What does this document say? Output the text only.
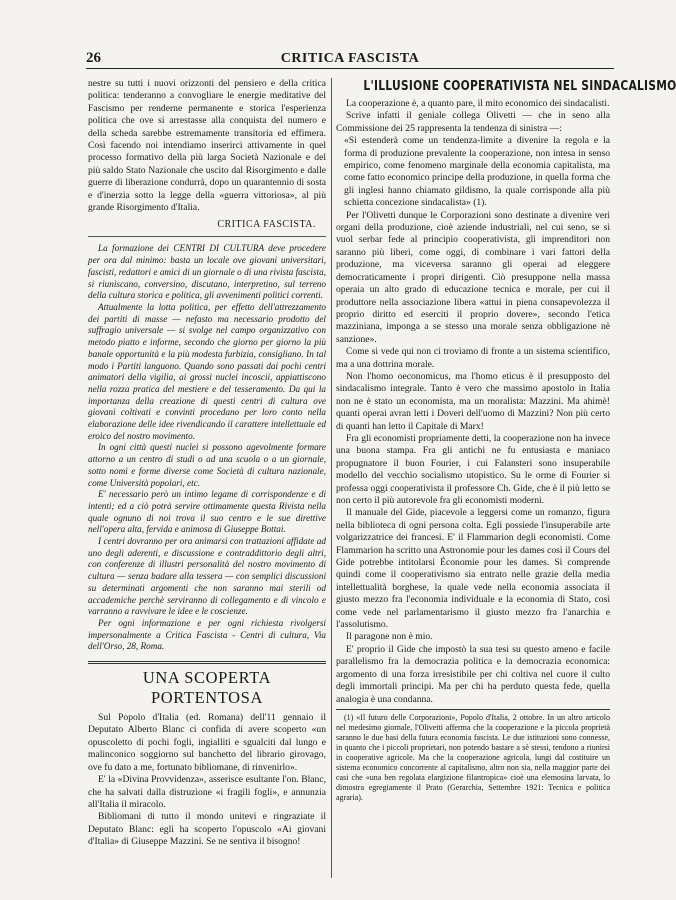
26	CRITICA FASCISTA

nestre su tutti i nuovi orizzonti del pensiero e della critica politica: tenderanno a convogliare le energie meditative del Fascismo per renderne permanente e storica l'esperienza politica che ove si arrestasse alla conquista del numero e della scheda sarebbe estremamente transitoria ed effimera. Così facendo noi intendiamo inserirci attivamente in quel processo formativo della più larga Società Nazionale e del più saldo Stato Nazionale che uscito dal Risorgimento e dalle guerre di liberazione condurrà, dopo un quarantennio di sosta e d'inerzia sotto la legge della «guerra vittoriosa», al più grande Risorgimento d'Italia.

CRITICA FASCISTA.

La formazione dei CENTRI DI CULTURA deve procedere per ora dal minimo: basta un locale ove giovani universitari, fascisti, redattori e amici di un giornale o di una rivista fascista, si riuniscano, conversino, discutano, interpretino, sul terreno della cultura storica e politica, gli avvenimenti politici correnti.

Attualmente la lotta politica, per effetto dell'attrezzamento dei partiti di masse — nefasto ma necessario prodotto del suffragio universale — si svolge nel campo organizzativo con metodo piatto e informe, secondo che giorno per giorno la più banale opportunità e la più modesta furbizia, consigliano. In tal modo i Partiti languono. Quando sono passati dai pochi centri animatori della vigilia, ai grossi nuclei incoscii, appiattiscono nella rozza pratica del mestiere e del tesseramento. Da qui la importanza della creazione di questi centri di cultura ove giovani coltivati e convinti procedano per loro conto nella elaborazione delle idee rivendicando il carattere intellettuale ed eroico del nostro movimento.

In ogni città questi nuclei si possono agevolmente formare attorno a un centro di studi o ad una scuola o a un giornale, sotto nomi e forme diverse come Società di cultura nazionale, come Università popolari, etc.

E' necessario però un intimo legame di corrispondenze e di intenti; ed a ciò potrà servire ottimamente questa Rivista nella quale ognuno di noi trova il suo centro e le sue direttive nell'opera alta, fervida e animosa di Giuseppe Bottai.

I centri dovranno per ora animarsi con trattazioni affidate ad uno degli aderenti, e discussione e contraddittorio degli altri, con conferenze di illustri personalità del nostro movimento di cultura — senza badare alla tessera — con semplici discussioni su determinati argomenti che non saranno mai sterili od accademiche perchè serviranno di collegamento e di vincolo e varranno a ravvivare le idee e le coscienze.

Per ogni informazione e per ogni richiesta rivolgersi impersonalmente a Critica Fascista - Centri di cultura, Via dell'Orso, 28, Roma.

UNA SCOPERTA PORTENTOSA

Sul Popolo d'Italia (ed. Romana) dell'11 gennaio il Deputato Alberto Blanc ci confida di avere scoperto «un opuscoletto di pochi fogli, ingialliti e sgualciti dal lungo e malinconico soggiorno sul banchetto del librario girovago, ove fu dato a me, fortunato bibliomane, di rinvenirlo».

E' la «Divina Provvidenza», asserisce esultante l'on. Blanc, che ha salvati dalla distruzione «i fragili fogli», e annunzia all'Italia il miracolo.

Bibliomani di tutto il mondo unitevi e ringraziate il Deputato Blanc: egli ha scoperto l'opuscolo «Ai giovani d'Italia» di Giuseppe Mazzini. Se ne sentiva il bisogno!

L'ILLUSIONE COOPERATIVISTA NEL SINDACALISMO

La cooperazione è, a quanto pare, il mito economico dei sindacalisti.

Scrive infatti il geniale collega Olivetti — che in seno alla Commissione dei 25 rappresenta la tendenza di sinistra —:

«Si estenderà come un tendenza-limite a divenire la regola e la forma di produzione prevalente la cooperazione, non intesa in senso empirico, come fenomeno marginale della economia capitalista, ma come fatto economico principe della produzione, in quella forma che gli inglesi hanno chiamato gildismo, la quale corrisponde alla più schietta concezione sindacalista» (1).

Per l'Olivetti dunque le Corporazioni sono destinate a divenire veri organi della produzione, cioè aziende industriali, nel cui seno, se si vuol serbar fede al principio cooperativista, gli imprenditori non saranno più liberi, come oggi, di combinare i vari fattori della produzione, ma viceversa saranno gli operai ad eleggere democraticamente i propri dirigenti. Ciò presuppone nella massa operaia un alto grado di educazione tecnica e morale, per cui il produttore nella associazione libera «attui in piena consapevolezza il proprio diritto ed eserciti il proprio dovere», secondo l'etica mazziniana, imponga a se stesso una morale senza obbligazione nè sanzione».

Come si vede qui non ci troviamo di fronte a un sistema scientifico, ma a una dottrina morale.

Non l'homo oeconomicus, ma l'homo eticus è il presupposto del sindacalismo integrale. Tanto è vero che massimo apostolo in Italia non ne è stato un economista, ma un moralista: Mazzini. Ma ahimè! quanti operai avran letti i Doveri dell'uomo di Mazzini? Non più certo di quanti han letto il Capitale di Marx!

Fra gli economisti propriamente detti, la cooperazione non ha invece una buona stampa. Fra gli antichi ne fu entusiasta e maniaco propugnatore il buon Fourier, i cui Falansteri sono insuperabile modello del vecchio socialismo utopistico. Su le orme di Fourier si professa oggi cooperativista il professore Ch. Gide, che è il più letto se non certo il più autorevole fra gli economisti moderni.

Il manuale del Gide, piacevole a leggersi come un romanzo, figura nella biblioteca di ogni persona colta. Egli possiede l'insuperabile arte volgarizzatrice dei francesi. E' il Flammarion degli economisti. Come Flammarion ha scritto una Astronomie pour les dames così il Cours del Gide potrebbe intitolarsi Économie pour les dames. Si comprende quindi come il cooperativismo sia entrato nelle grazie della media intellettualità borghese, la quale vede nella economia associata il giusto mezzo fra l'economia individuale e la economia di Stato, così come vede nel parlamentarismo il giusto mezzo fra l'anarchia e l'assolutismo.

Il paragone non è mio.

E' proprio il Gide che impostò la sua tesi su questo ameno e facile parallelismo fra la democrazia politica e la democrazia economica: argomento di una forza irresistibile per chi coltiva nel cuore il culto degli immortali principi. Ma per chi ha perduto questa fede, quella analogia è una condanna.

(1) «Il futuro delle Corporazioni», Popolo d'Italia, 2 ottobre. In un altro articolo nel medesimo giornale, l'Olivetti afferma che la cooperazione e la piccola proprietà saranno le due basi della futura economia fascista. Le due istituzioni sono connesse, in quanto che i piccoli proprietari, non potendo bastare a sè stessi, tendono a riunirsi in cooperative agricole. Ma che la cooperazione agricola, lungi dal costituire un sistema economico concorrente al capitalismo, altro non sia, nella maggior parte dei casi che «una ben regolata elargizione filantropica» cioè una elemosina larvata, lo dimostra egregiamente il Prato (Gerarchia, Settembre 1921: Tecnica e politica agraria).
